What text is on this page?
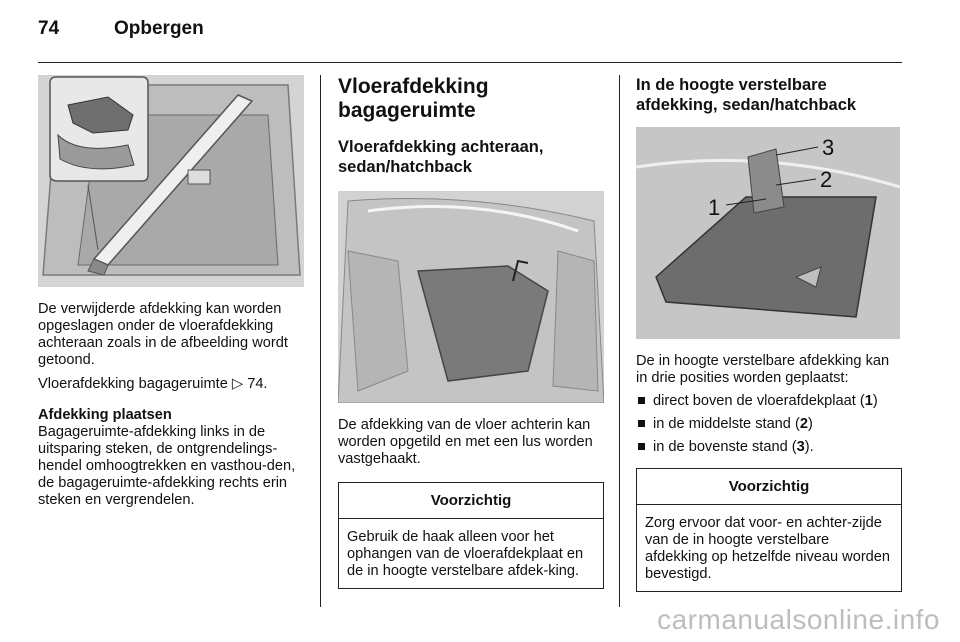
74	Opbergen

De verwijderde afdekking kan worden opgeslagen onder de vloerafdekking achteraan zoals in de afbeelding wordt getoond.

Vloerafdekking bagageruimte ▷ 74.

Afdekking plaatsen

Bagageruimte-afdekking links in de uitsparing steken, de ontgrendelings-hendel omhoogtrekken en vasthou-den, de bagageruimte-afdekking rechts erin steken en vergrendelen.

Vloerafdekking bagageruimte
Vloerafdekking achteraan, sedan/hatchback

De afdekking van de vloer achterin kan worden opgetild en met een lus worden vastgehaakt.

Voorzichtig
Gebruik de haak alleen voor het ophangen van de vloerafdekplaat en de in hoogte verstelbare afdek-king.
In de hoogte verstelbare afdekking, sedan/hatchback
3
2
1

De in hoogte verstelbare afdekking kan in drie posities worden geplaatst:

direct boven de vloerafdekplaat (1)
in de middelste stand (2)
in de bovenste stand (3).
Voorzichtig
Zorg ervoor dat voor- en achter-zijde van de in hoogte verstelbare afdekking op hetzelfde niveau worden bevestigd.
carmanualsonline.info
